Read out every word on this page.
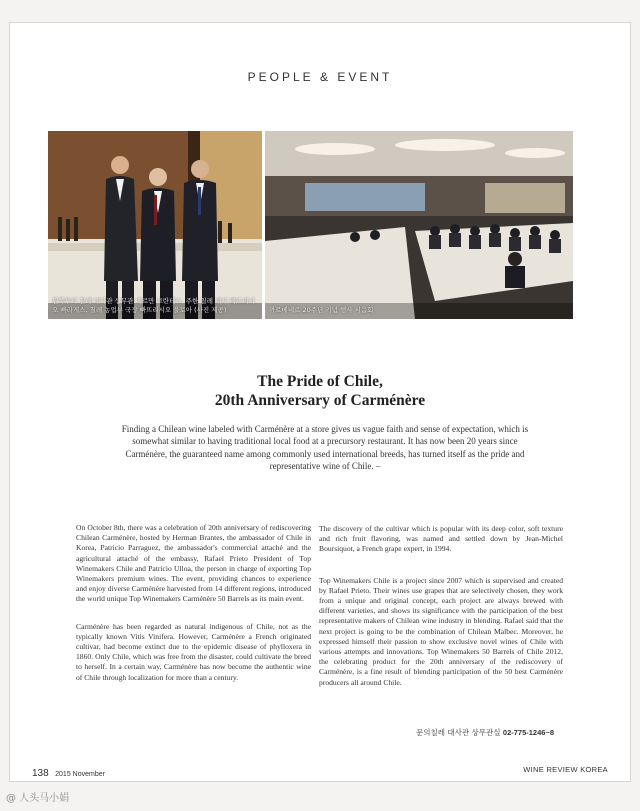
PEOPLE & EVENT
왼쪽부터 칠레 대사관 상무관 에르만 브란테스, 주한 칠레 대사 빠뜨리시오 빠라게스, 칠레 농업부 국장 빠뜨리시오 울로아 (사진 제공)	까르메네르 20주년 기념 행사 시음회
The Pride of Chile,
20th Anniversary of Carménère
Finding a Chilean wine labeled with Carménère at a store gives us vague faith and sense of expectation, which is somewhat similar to having traditional local food at a precursory restaurant. It has now been 20 years since Carménère, the guaranteed name among commonly used international breeds, has turned itself as the pride and representative wine of Chile. –

On October 8th, there was a celebration of 20th anniversary of rediscovering Chilean Carménère, hosted by Herman Brantes, the ambassador of Chile in Korea, Patricio Parraguez, the ambassador's commercial attaché and the agricultural attaché of the embassy, Rafael Prieto President of Top Winemakers Chile and Patricio Ulloa, the person in charge of exporting Top Winemakers premium wines. The event, providing chances to experience and enjoy diverse Carménère harvested from 14 different regions, introduced the world unique Top Winemakers Carménère 50 Barrels as its main event.

Carménère has been regarded as natural indigenous of Chile, not as the typically known Vitis Vinifera. However, Carménère a French originated cultivar, had become extinct due to the epidemic disease of phylloxera in 1860. Only Chile, which was free from the disaster, could cultivate the breed to herself. In a certain way, Carménère has now become the authentic wine of Chile through localization for more than a century.

The discovery of the cultivar which is popular with its deep color, soft texture and rich fruit flavoring, was named and settled down by Jean-Michel Boursiquot, a French grape expert, in 1994.

Top Winemakers Chile is a project since 2007 which is supervised and created by Rafael Prieto. Their wines use grapes that are selectively chosen, they work from a unique and original concept, each project are always brewed with different varieties, and shows its significance with the participation of the best representative makers of Chilean wine industry in blending. Rafael said that the next project is going to be the combination of Chilean Malbec. Moreover, he expressed himself their passion to show exclusive novel wines of Chile with various attempts and innovations. Top Winemakers 50 Barrels of Chile 2012, the celebrating product for the 20th anniversary of the rediscovery of Carménère, is a fine result of blending participation of the 50 best Carménère producers all around Chile.

문의칠레 대사관 상무관실 02-775-1246~8
138 2015 November
WINE REVIEW KOREA
@ 人头马小娟
